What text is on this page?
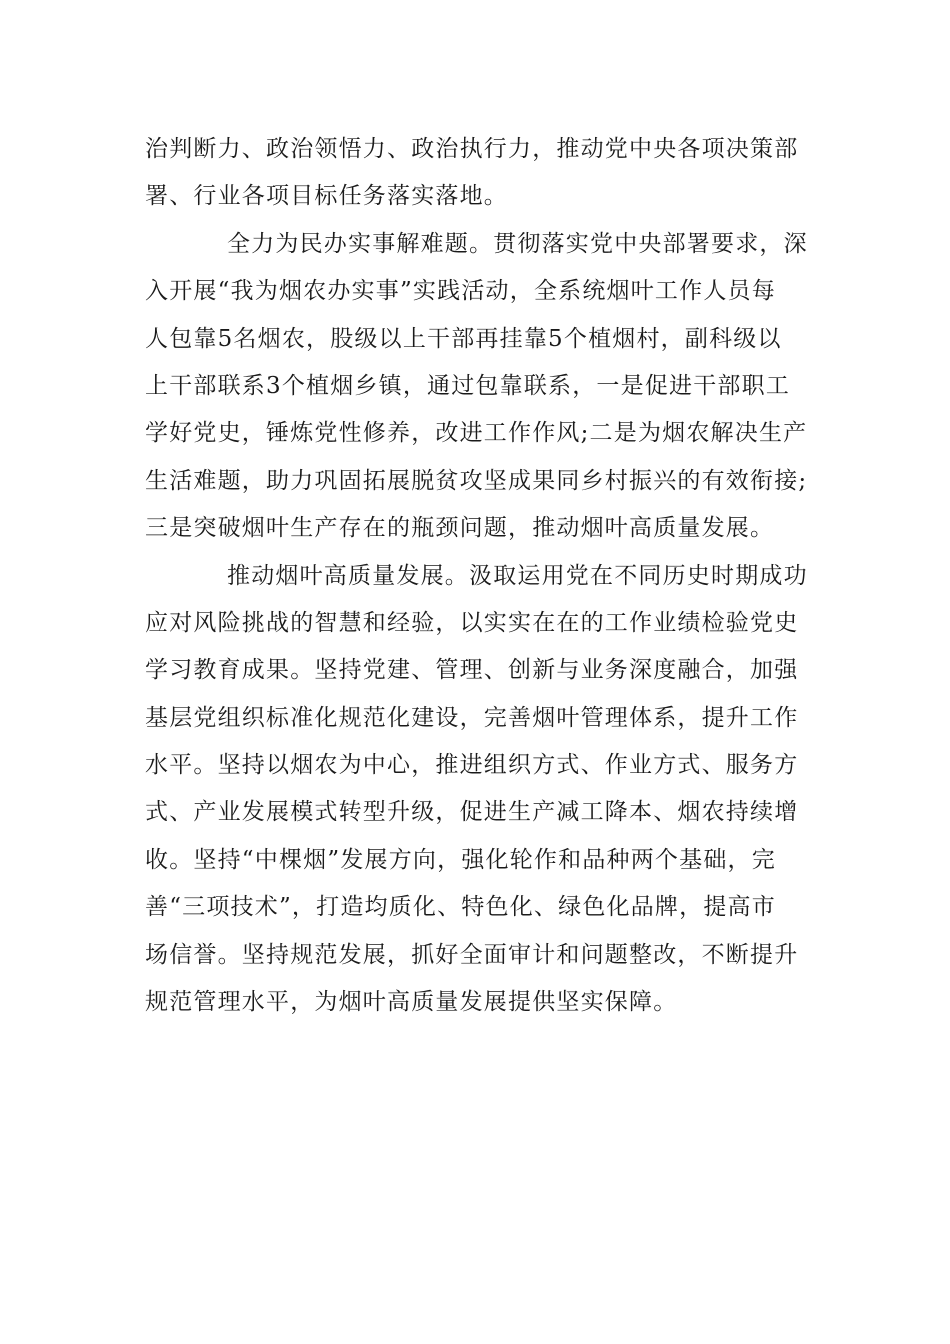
治判断力、政治领悟力、政治执行力，推动党中央各项决策部
署、行业各项目标任务落实落地。
全力为民办实事解难题。贯彻落实党中央部署要求，深
入开展“我为烟农办实事”实践活动，全系统烟叶工作人员每
人包靠5名烟农，股级以上干部再挂靠5个植烟村，副科级以
上干部联系3个植烟乡镇，通过包靠联系，一是促进干部职工
学好党史，锤炼党性修养，改进工作作风;二是为烟农解决生产
生活难题，助力巩固拓展脱贫攻坚成果同乡村振兴的有效衔接;
三是突破烟叶生产存在的瓶颈问题，推动烟叶高质量发展。
推动烟叶高质量发展。汲取运用党在不同历史时期成功
应对风险挑战的智慧和经验，以实实在在的工作业绩检验党史
学习教育成果。坚持党建、管理、创新与业务深度融合，加强
基层党组织标准化规范化建设，完善烟叶管理体系，提升工作
水平。坚持以烟农为中心，推进组织方式、作业方式、服务方
式、产业发展模式转型升级，促进生产减工降本、烟农持续增
收。坚持“中棵烟”发展方向，强化轮作和品种两个基础，完
善“三项技术”，打造均质化、特色化、绿色化品牌，提高市
场信誉。坚持规范发展，抓好全面审计和问题整改，不断提升
规范管理水平，为烟叶高质量发展提供坚实保障。
